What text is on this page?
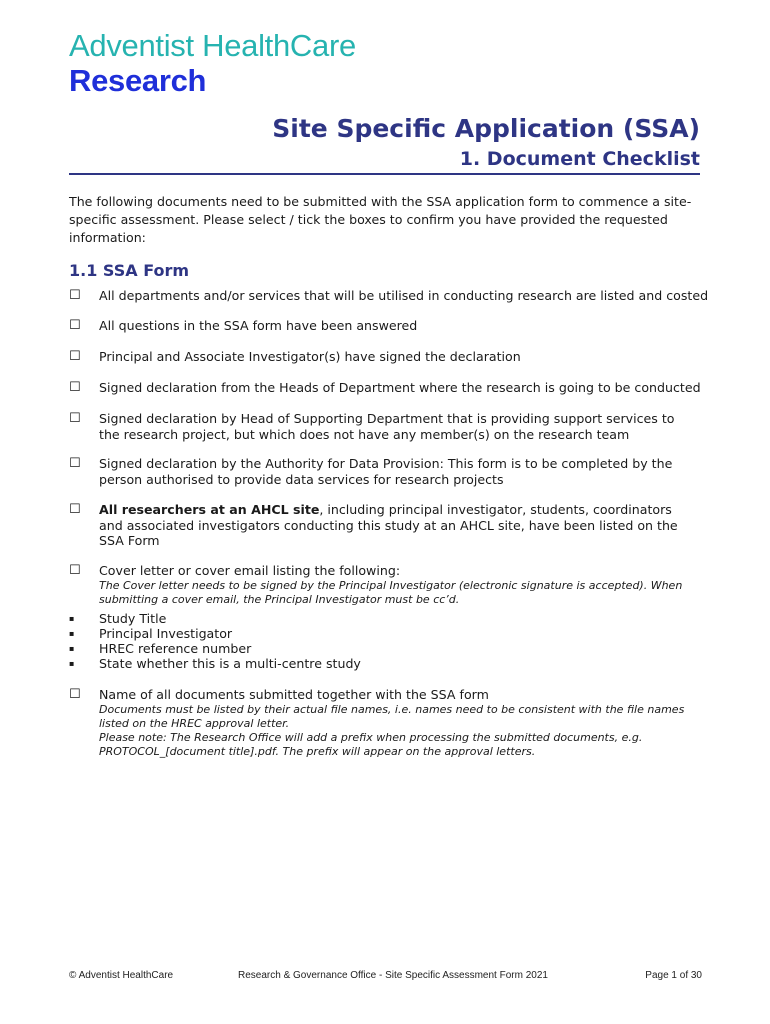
Adventist HealthCare
Research
Site Specific Application (SSA)
1. Document Checklist
The following documents need to be submitted with the SSA application form to commence a site-specific assessment. Please select / tick the boxes to confirm you have provided the requested information:
1.1 SSA Form
☐ All departments and/or services that will be utilised in conducting research are listed and costed
☐ All questions in the SSA form have been answered
☐ Principal and Associate Investigator(s) have signed the declaration
☐ Signed declaration from the Heads of Department where the research is going to be conducted
☐ Signed declaration by Head of Supporting Department that is providing support services to the research project, but which does not have any member(s) on the research team
☐ Signed declaration by the Authority for Data Provision: This form is to be completed by the person authorised to provide data services for research projects
☐ All researchers at an AHCL site, including principal investigator, students, coordinators and associated investigators conducting this study at an AHCL site, have been listed on the SSA Form
☐ Cover letter or cover email listing the following:
The Cover letter needs to be signed by the Principal Investigator (electronic signature is accepted). When submitting a cover email, the Principal Investigator must be cc’d.
▪ Study Title
▪ Principal Investigator
▪ HREC reference number
▪ State whether this is a multi-centre study
☐ Name of all documents submitted together with the SSA form
Documents must be listed by their actual file names, i.e. names need to be consistent with the file names listed on the HREC approval letter.
Please note: The Research Office will add a prefix when processing the submitted documents, e.g. PROTOCOL_[document title].pdf. The prefix will appear on the approval letters.
© Adventist HealthCare	Research & Governance Office - Site Specific Assessment Form 2021	Page 1 of 30
